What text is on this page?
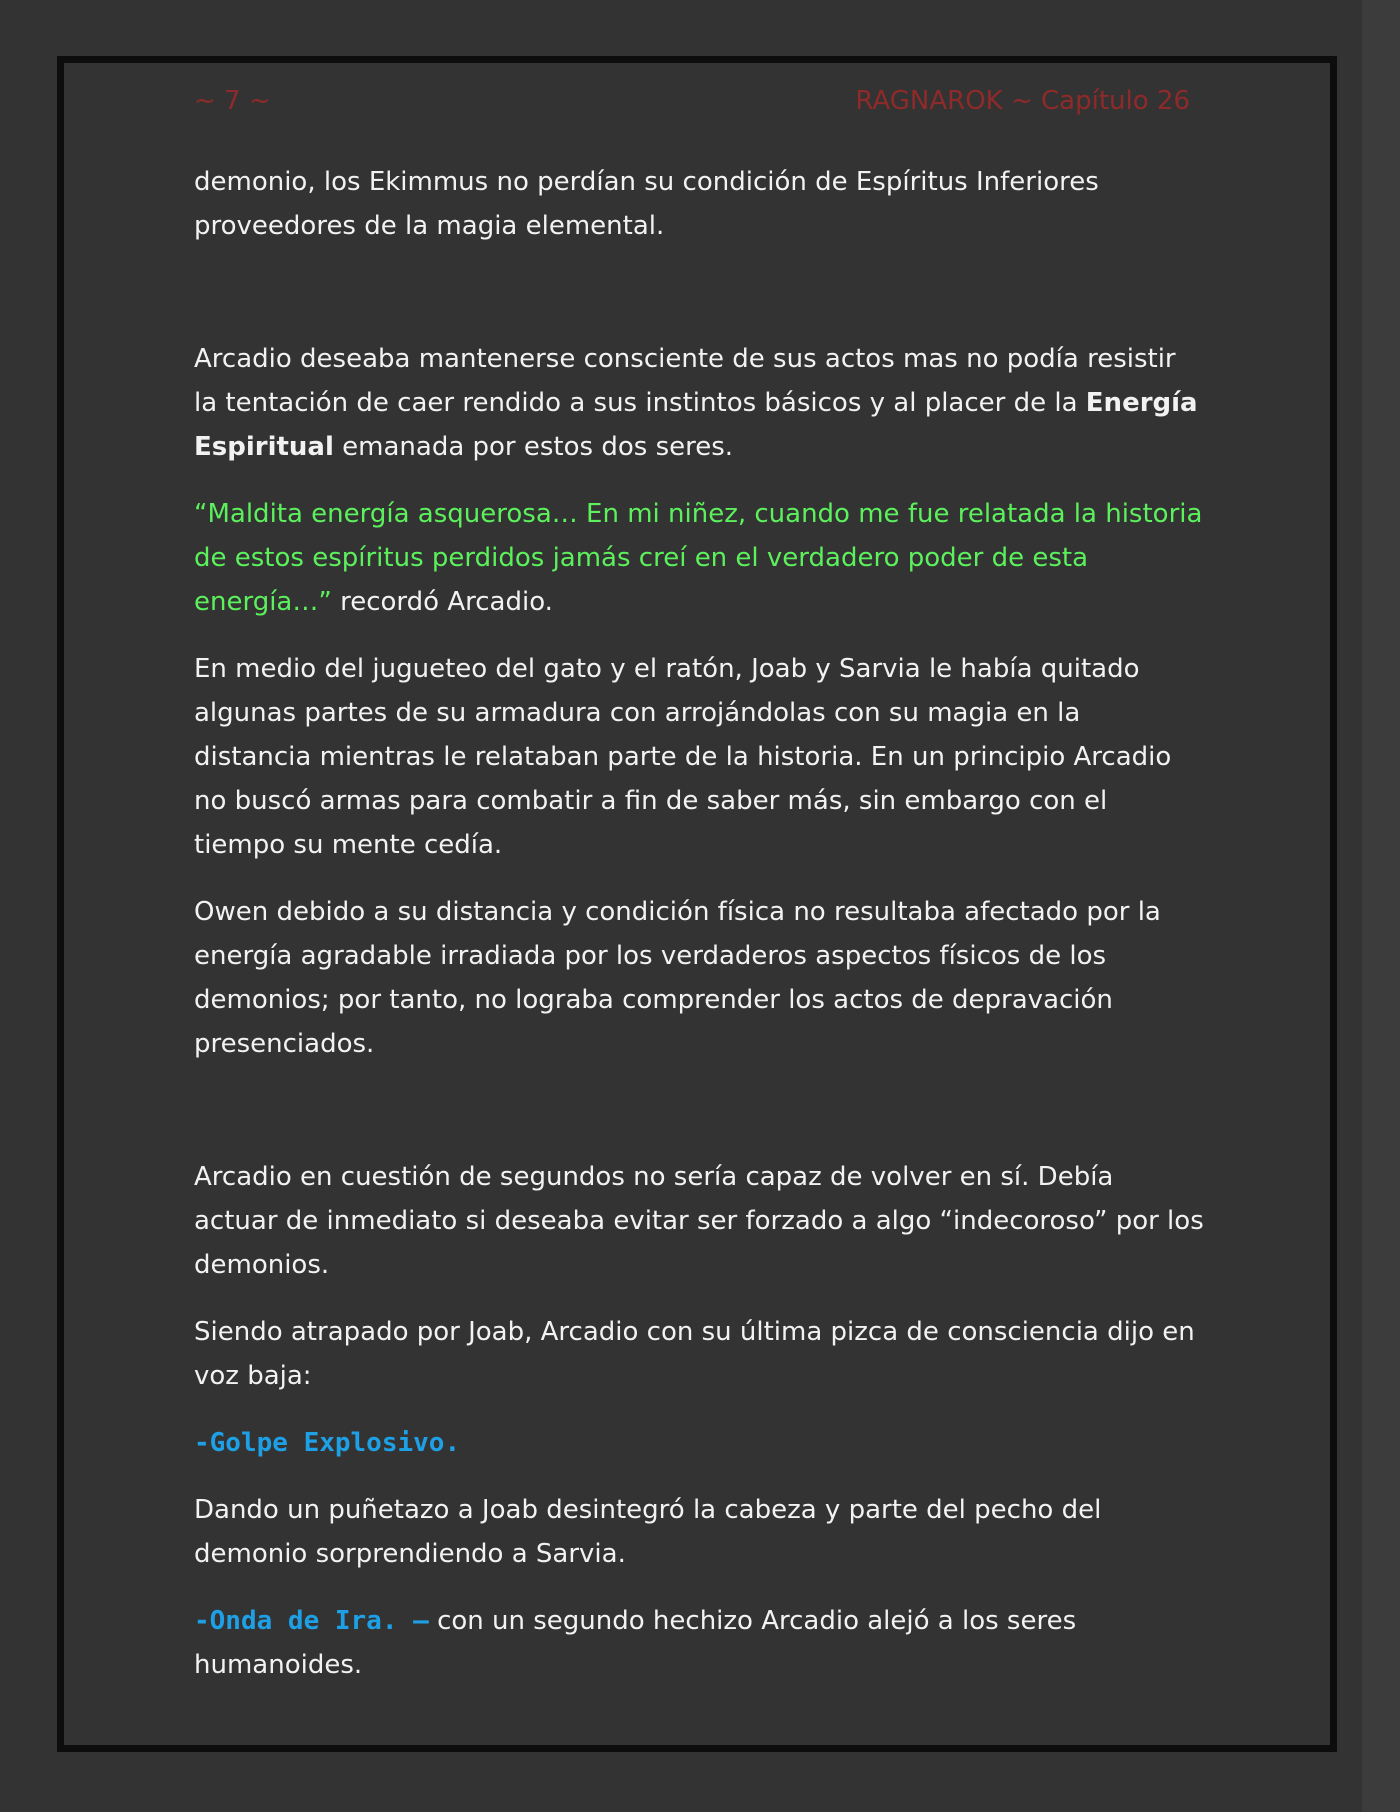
~ 7 ~	RAGNAROK ~ Capítulo 26

demonio, los Ekimmus no perdían su condición de Espíritus Inferiores proveedores de la magia elemental.

Arcadio deseaba mantenerse consciente de sus actos mas no podía resistir la tentación de caer rendido a sus instintos básicos y al placer de la Energía Espiritual emanada por estos dos seres.

“Maldita energía asquerosa… En mi niñez, cuando me fue relatada la historia de estos espíritus perdidos jamás creí en el verdadero poder de esta energía…” recordó Arcadio.

En medio del jugueteo del gato y el ratón, Joab y Sarvia le había quitado algunas partes de su armadura con arrojándolas con su magia en la distancia mientras le relataban parte de la historia. En un principio Arcadio no buscó armas para combatir a fin de saber más, sin embargo con el tiempo su mente cedía.

Owen debido a su distancia y condición física no resultaba afectado por la energía agradable irradiada por los verdaderos aspectos físicos de los demonios; por tanto, no lograba comprender los actos de depravación presenciados.

Arcadio en cuestión de segundos no sería capaz de volver en sí. Debía actuar de inmediato si deseaba evitar ser forzado a algo “indecoroso” por los demonios.

Siendo atrapado por Joab, Arcadio con su última pizca de consciencia dijo en voz baja:

-Golpe Explosivo.

Dando un puñetazo a Joab desintegró la cabeza y parte del pecho del demonio sorprendiendo a Sarvia.

-Onda de Ira. – con un segundo hechizo Arcadio alejó a los seres humanoides.
